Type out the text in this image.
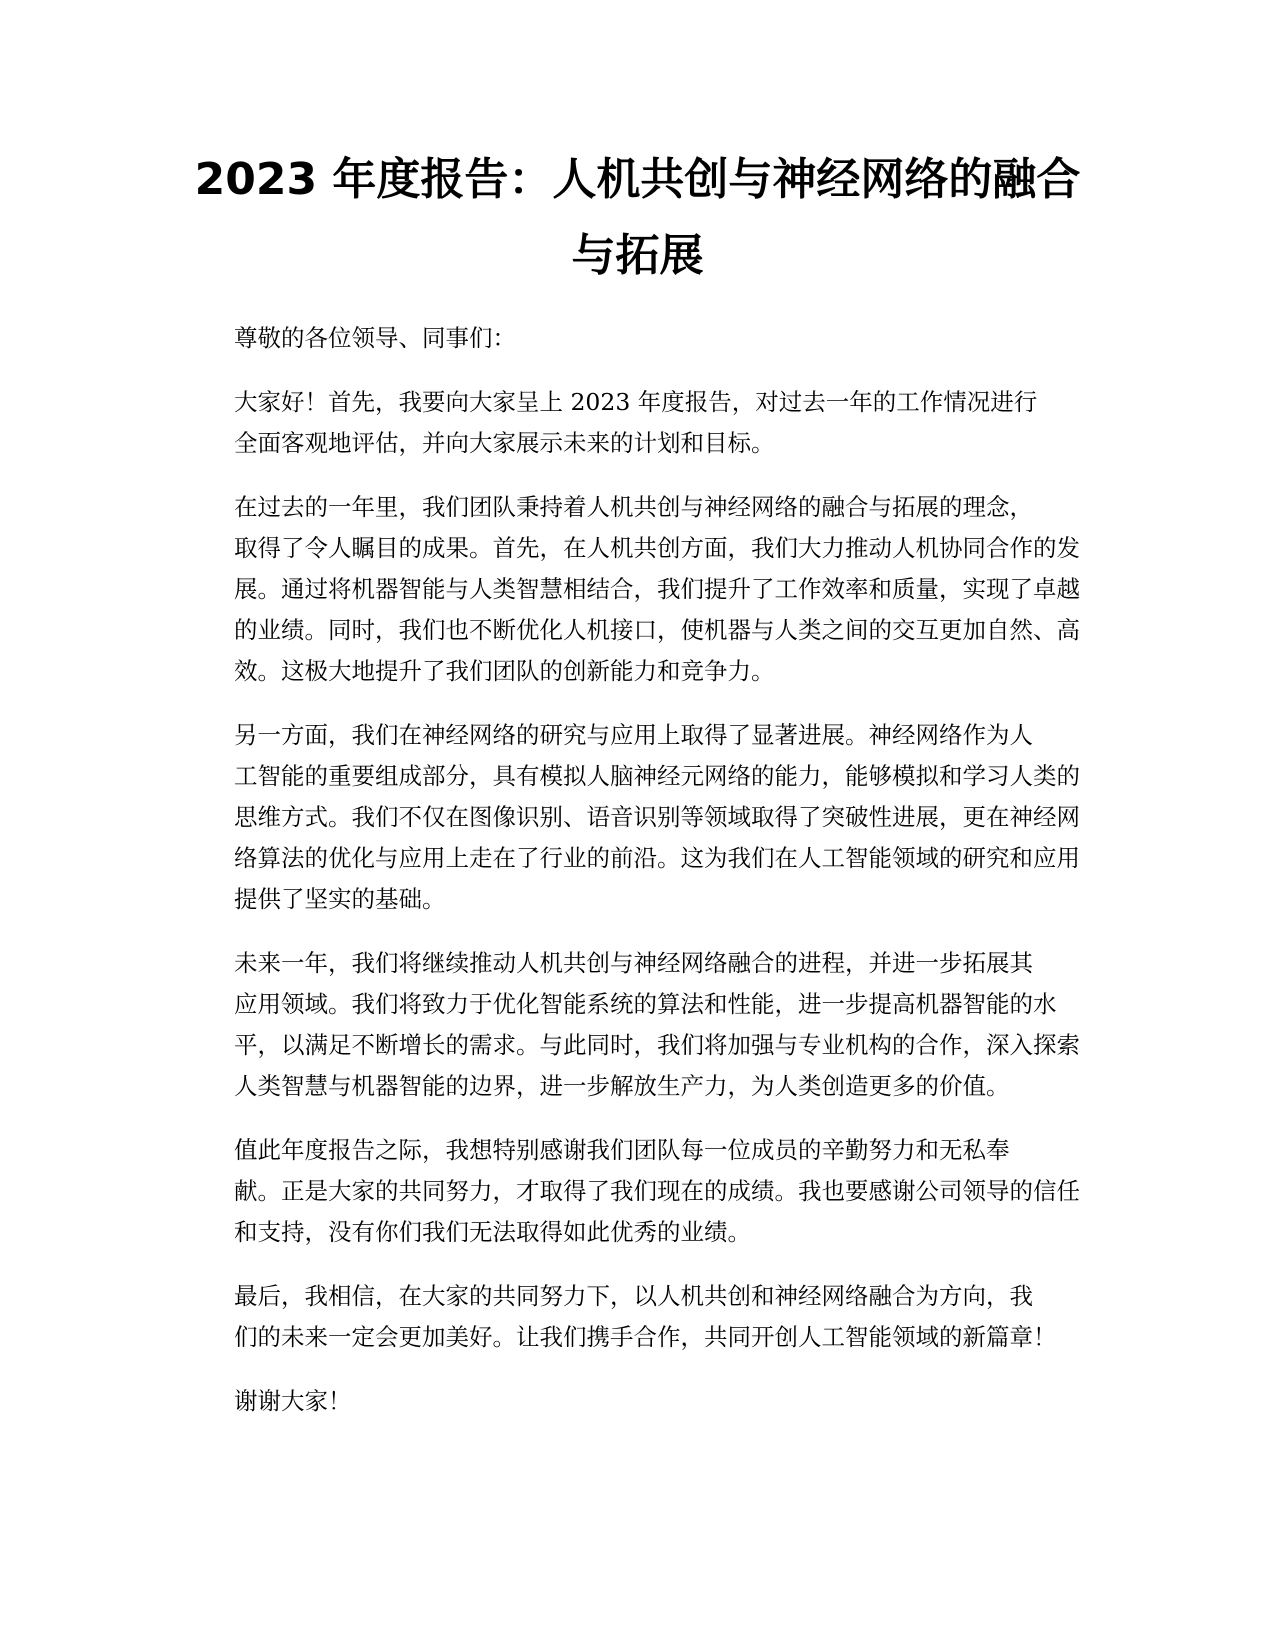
2023 年度报告：人机共创与神经网络的融合
与拓展

尊敬的各位领导、同事们：

大家好！首先，我要向大家呈上 2023 年度报告，对过去一年的工作情况进行
全面客观地评估，并向大家展示未来的计划和目标。

在过去的一年里，我们团队秉持着人机共创与神经网络的融合与拓展的理念，
取得了令人瞩目的成果。首先，在人机共创方面，我们大力推动人机协同合作的发
展。通过将机器智能与人类智慧相结合，我们提升了工作效率和质量，实现了卓越
的业绩。同时，我们也不断优化人机接口，使机器与人类之间的交互更加自然、高
效。这极大地提升了我们团队的创新能力和竞争力。

另一方面，我们在神经网络的研究与应用上取得了显著进展。神经网络作为人
工智能的重要组成部分，具有模拟人脑神经元网络的能力，能够模拟和学习人类的
思维方式。我们不仅在图像识别、语音识别等领域取得了突破性进展，更在神经网
络算法的优化与应用上走在了行业的前沿。这为我们在人工智能领域的研究和应用
提供了坚实的基础。

未来一年，我们将继续推动人机共创与神经网络融合的进程，并进一步拓展其
应用领域。我们将致力于优化智能系统的算法和性能，进一步提高机器智能的水
平，以满足不断增长的需求。与此同时，我们将加强与专业机构的合作，深入探索
人类智慧与机器智能的边界，进一步解放生产力，为人类创造更多的价值。

值此年度报告之际，我想特别感谢我们团队每一位成员的辛勤努力和无私奉
献。正是大家的共同努力，才取得了我们现在的成绩。我也要感谢公司领导的信任
和支持，没有你们我们无法取得如此优秀的业绩。

最后，我相信，在大家的共同努力下，以人机共创和神经网络融合为方向，我
们的未来一定会更加美好。让我们携手合作，共同开创人工智能领域的新篇章！

谢谢大家！
